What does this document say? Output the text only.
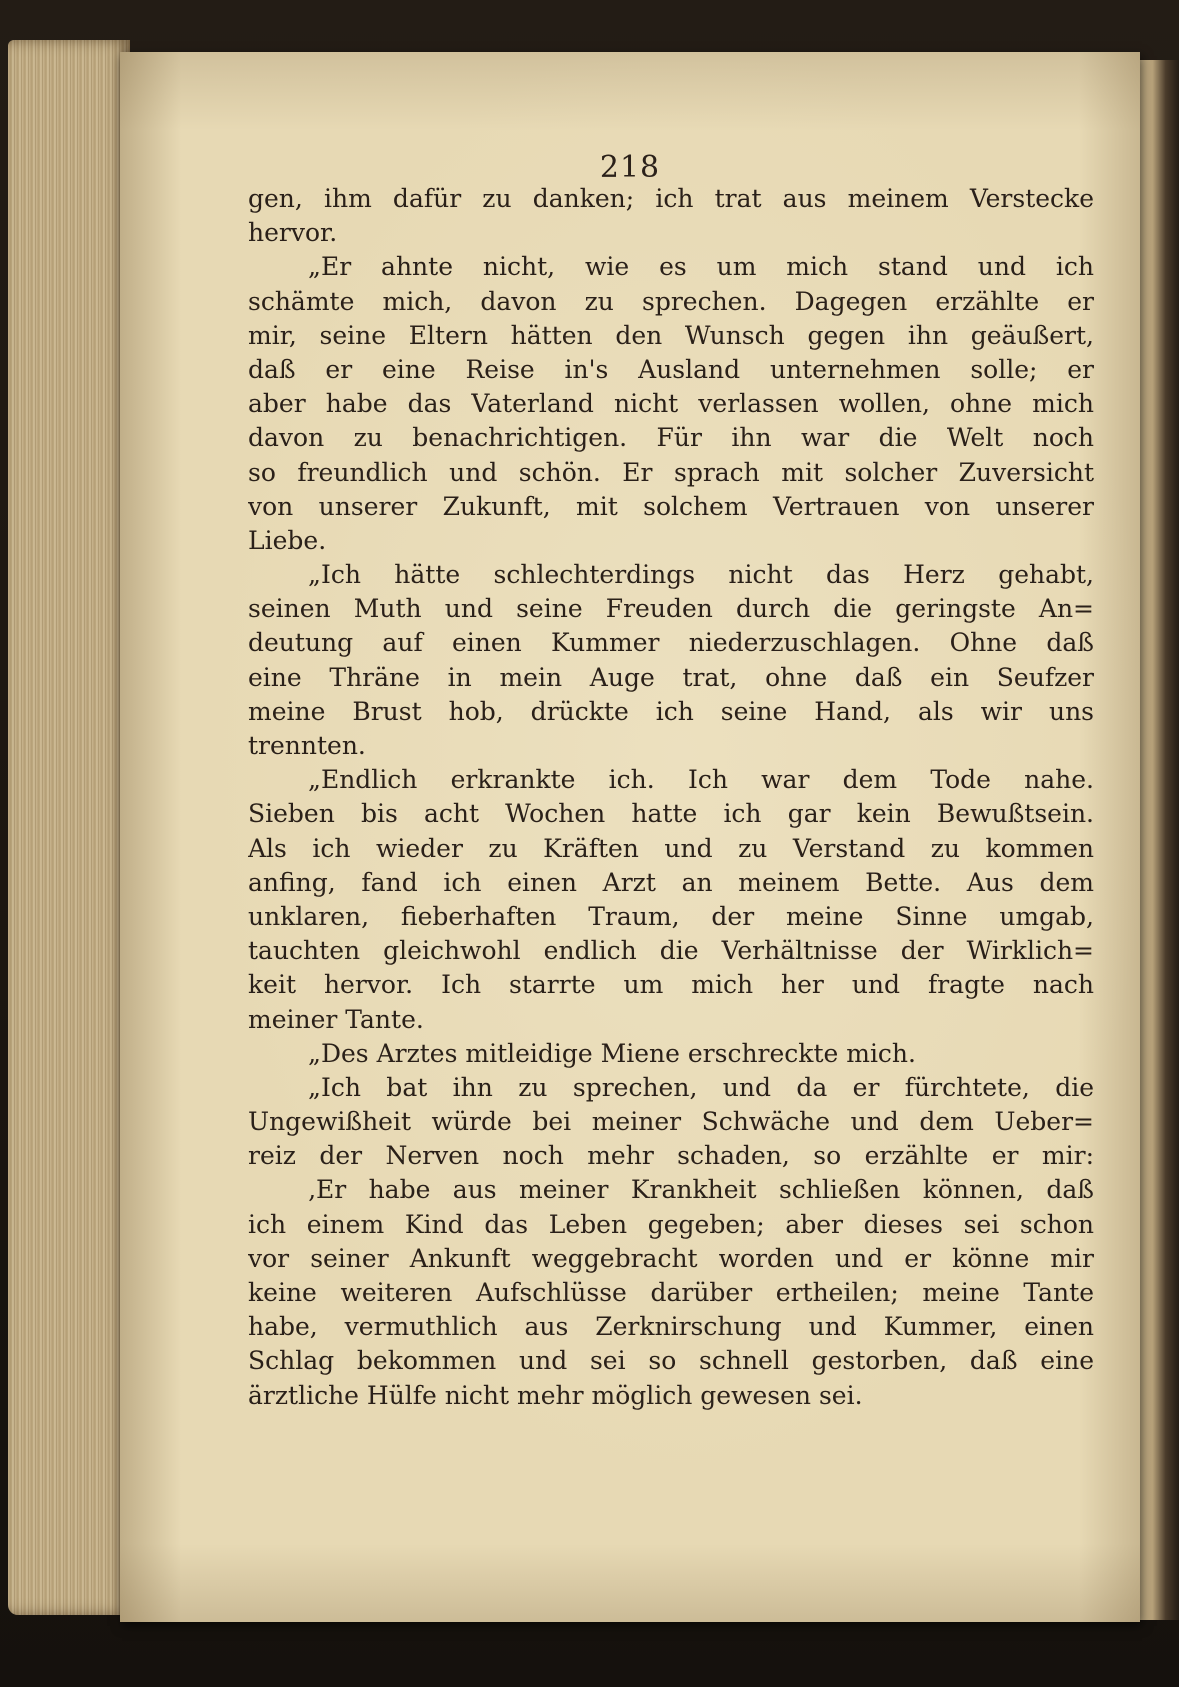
218
gen, ihm dafür zu danken; ich trat aus meinem Verstecke
hervor.
„Er ahnte nicht, wie es um mich stand und ich
schämte mich, davon zu sprechen. Dagegen erzählte er
mir, seine Eltern hätten den Wunsch gegen ihn geäußert,
daß er eine Reise in's Ausland unternehmen solle; er
aber habe das Vaterland nicht verlassen wollen, ohne mich
davon zu benachrichtigen. Für ihn war die Welt noch
so freundlich und schön. Er sprach mit solcher Zuversicht
von unserer Zukunft, mit solchem Vertrauen von unserer
Liebe.
„Ich hätte schlechterdings nicht das Herz gehabt,
seinen Muth und seine Freuden durch die geringste An=
deutung auf einen Kummer niederzuschlagen. Ohne daß
eine Thräne in mein Auge trat, ohne daß ein Seufzer
meine Brust hob, drückte ich seine Hand, als wir uns
trennten.
„Endlich erkrankte ich. Ich war dem Tode nahe.
Sieben bis acht Wochen hatte ich gar kein Bewußtsein.
Als ich wieder zu Kräften und zu Verstand zu kommen
anfing, fand ich einen Arzt an meinem Bette. Aus dem
unklaren, fieberhaften Traum, der meine Sinne umgab,
tauchten gleichwohl endlich die Verhältnisse der Wirklich=
keit hervor. Ich starrte um mich her und fragte nach
meiner Tante.
„Des Arztes mitleidige Miene erschreckte mich.
„Ich bat ihn zu sprechen, und da er fürchtete, die
Ungewißheit würde bei meiner Schwäche und dem Ueber=
reiz der Nerven noch mehr schaden, so erzählte er mir:
‚Er habe aus meiner Krankheit schließen können, daß
ich einem Kind das Leben gegeben; aber dieses sei schon
vor seiner Ankunft weggebracht worden und er könne mir
keine weiteren Aufschlüsse darüber ertheilen; meine Tante
habe, vermuthlich aus Zerknirschung und Kummer, einen
Schlag bekommen und sei so schnell gestorben, daß eine
ärztliche Hülfe nicht mehr möglich gewesen sei.
